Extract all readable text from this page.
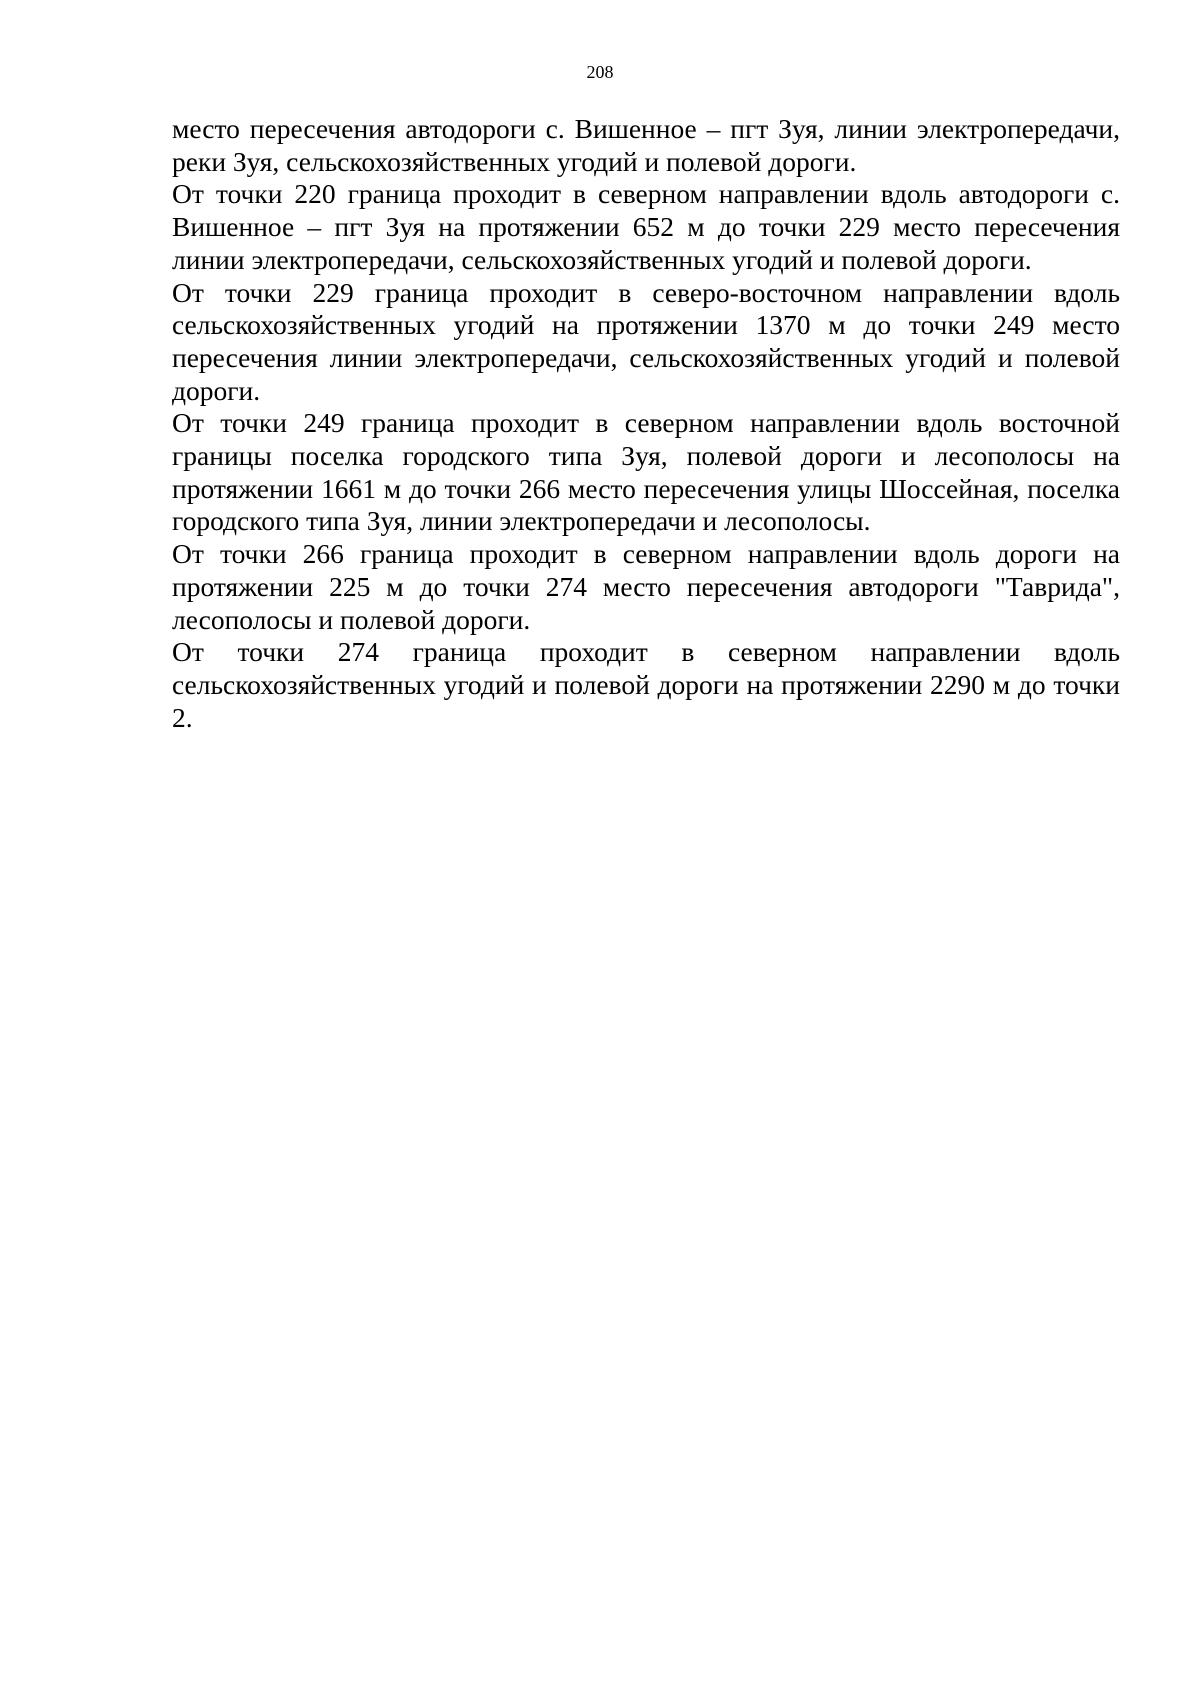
208

место пересечения автодороги с. Вишенное – пгт Зуя, линии электропередачи, реки Зуя, сельскохозяйственных угодий и полевой дороги.

От точки 220 граница проходит в северном направлении вдоль автодороги с. Вишенное – пгт Зуя на протяжении 652 м до точки 229 место пересечения линии электропередачи, сельскохозяйственных угодий и полевой дороги.

От точки 229 граница проходит в северо-восточном направлении вдоль сельскохозяйственных угодий на протяжении 1370 м до точки 249 место пересечения линии электропередачи, сельскохозяйственных угодий и полевой дороги.

От точки 249 граница проходит в северном направлении вдоль восточной границы поселка городского типа Зуя, полевой дороги и лесополосы на протяжении 1661 м до точки 266 место пересечения улицы Шоссейная, поселка городского типа Зуя, линии электропередачи и лесополосы.

От точки 266 граница проходит в северном направлении вдоль дороги на протяжении 225 м до точки 274 место пересечения автодороги "Таврида", лесополосы и полевой дороги.

От точки 274 граница проходит в северном направлении вдоль сельскохозяйственных угодий и полевой дороги на протяжении 2290 м до точки 2.
